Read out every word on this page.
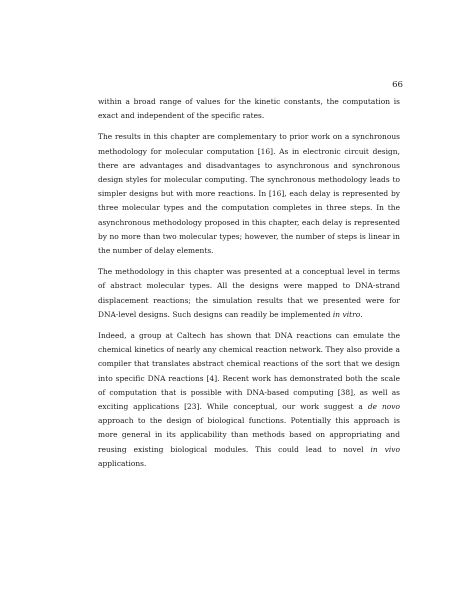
66

within a broad range of values for the kinetic constants, the computation is exact and independent of the specific rates.

The results in this chapter are complementary to prior work on a synchronous methodology for molecular computation [16]. As in electronic circuit design, there are advantages and disadvantages to asynchronous and synchronous design styles for molecular computing. The synchronous methodology leads to simpler designs but with more reactions. In [16], each delay is represented by three molecular types and the computation completes in three steps. In the asynchronous methodology proposed in this chapter, each delay is represented by no more than two molecular types; however, the number of steps is linear in the number of delay elements.

The methodology in this chapter was presented at a conceptual level in terms of abstract molecular types. All the designs were mapped to DNA-strand displacement reactions; the simulation results that we presented were for DNA-level designs. Such designs can readily be implemented in vitro.

Indeed, a group at Caltech has shown that DNA reactions can emulate the chemical kinetics of nearly any chemical reaction network. They also provide a compiler that translates abstract chemical reactions of the sort that we design into specific DNA reactions [4]. Recent work has demonstrated both the scale of computation that is possible with DNA-based computing [38], as well as exciting applications [23]. While conceptual, our work suggest a de novo approach to the design of biological functions. Potentially this approach is more general in its applicability than methods based on appropriating and reusing existing biological modules. This could lead to novel in vivo applications.
